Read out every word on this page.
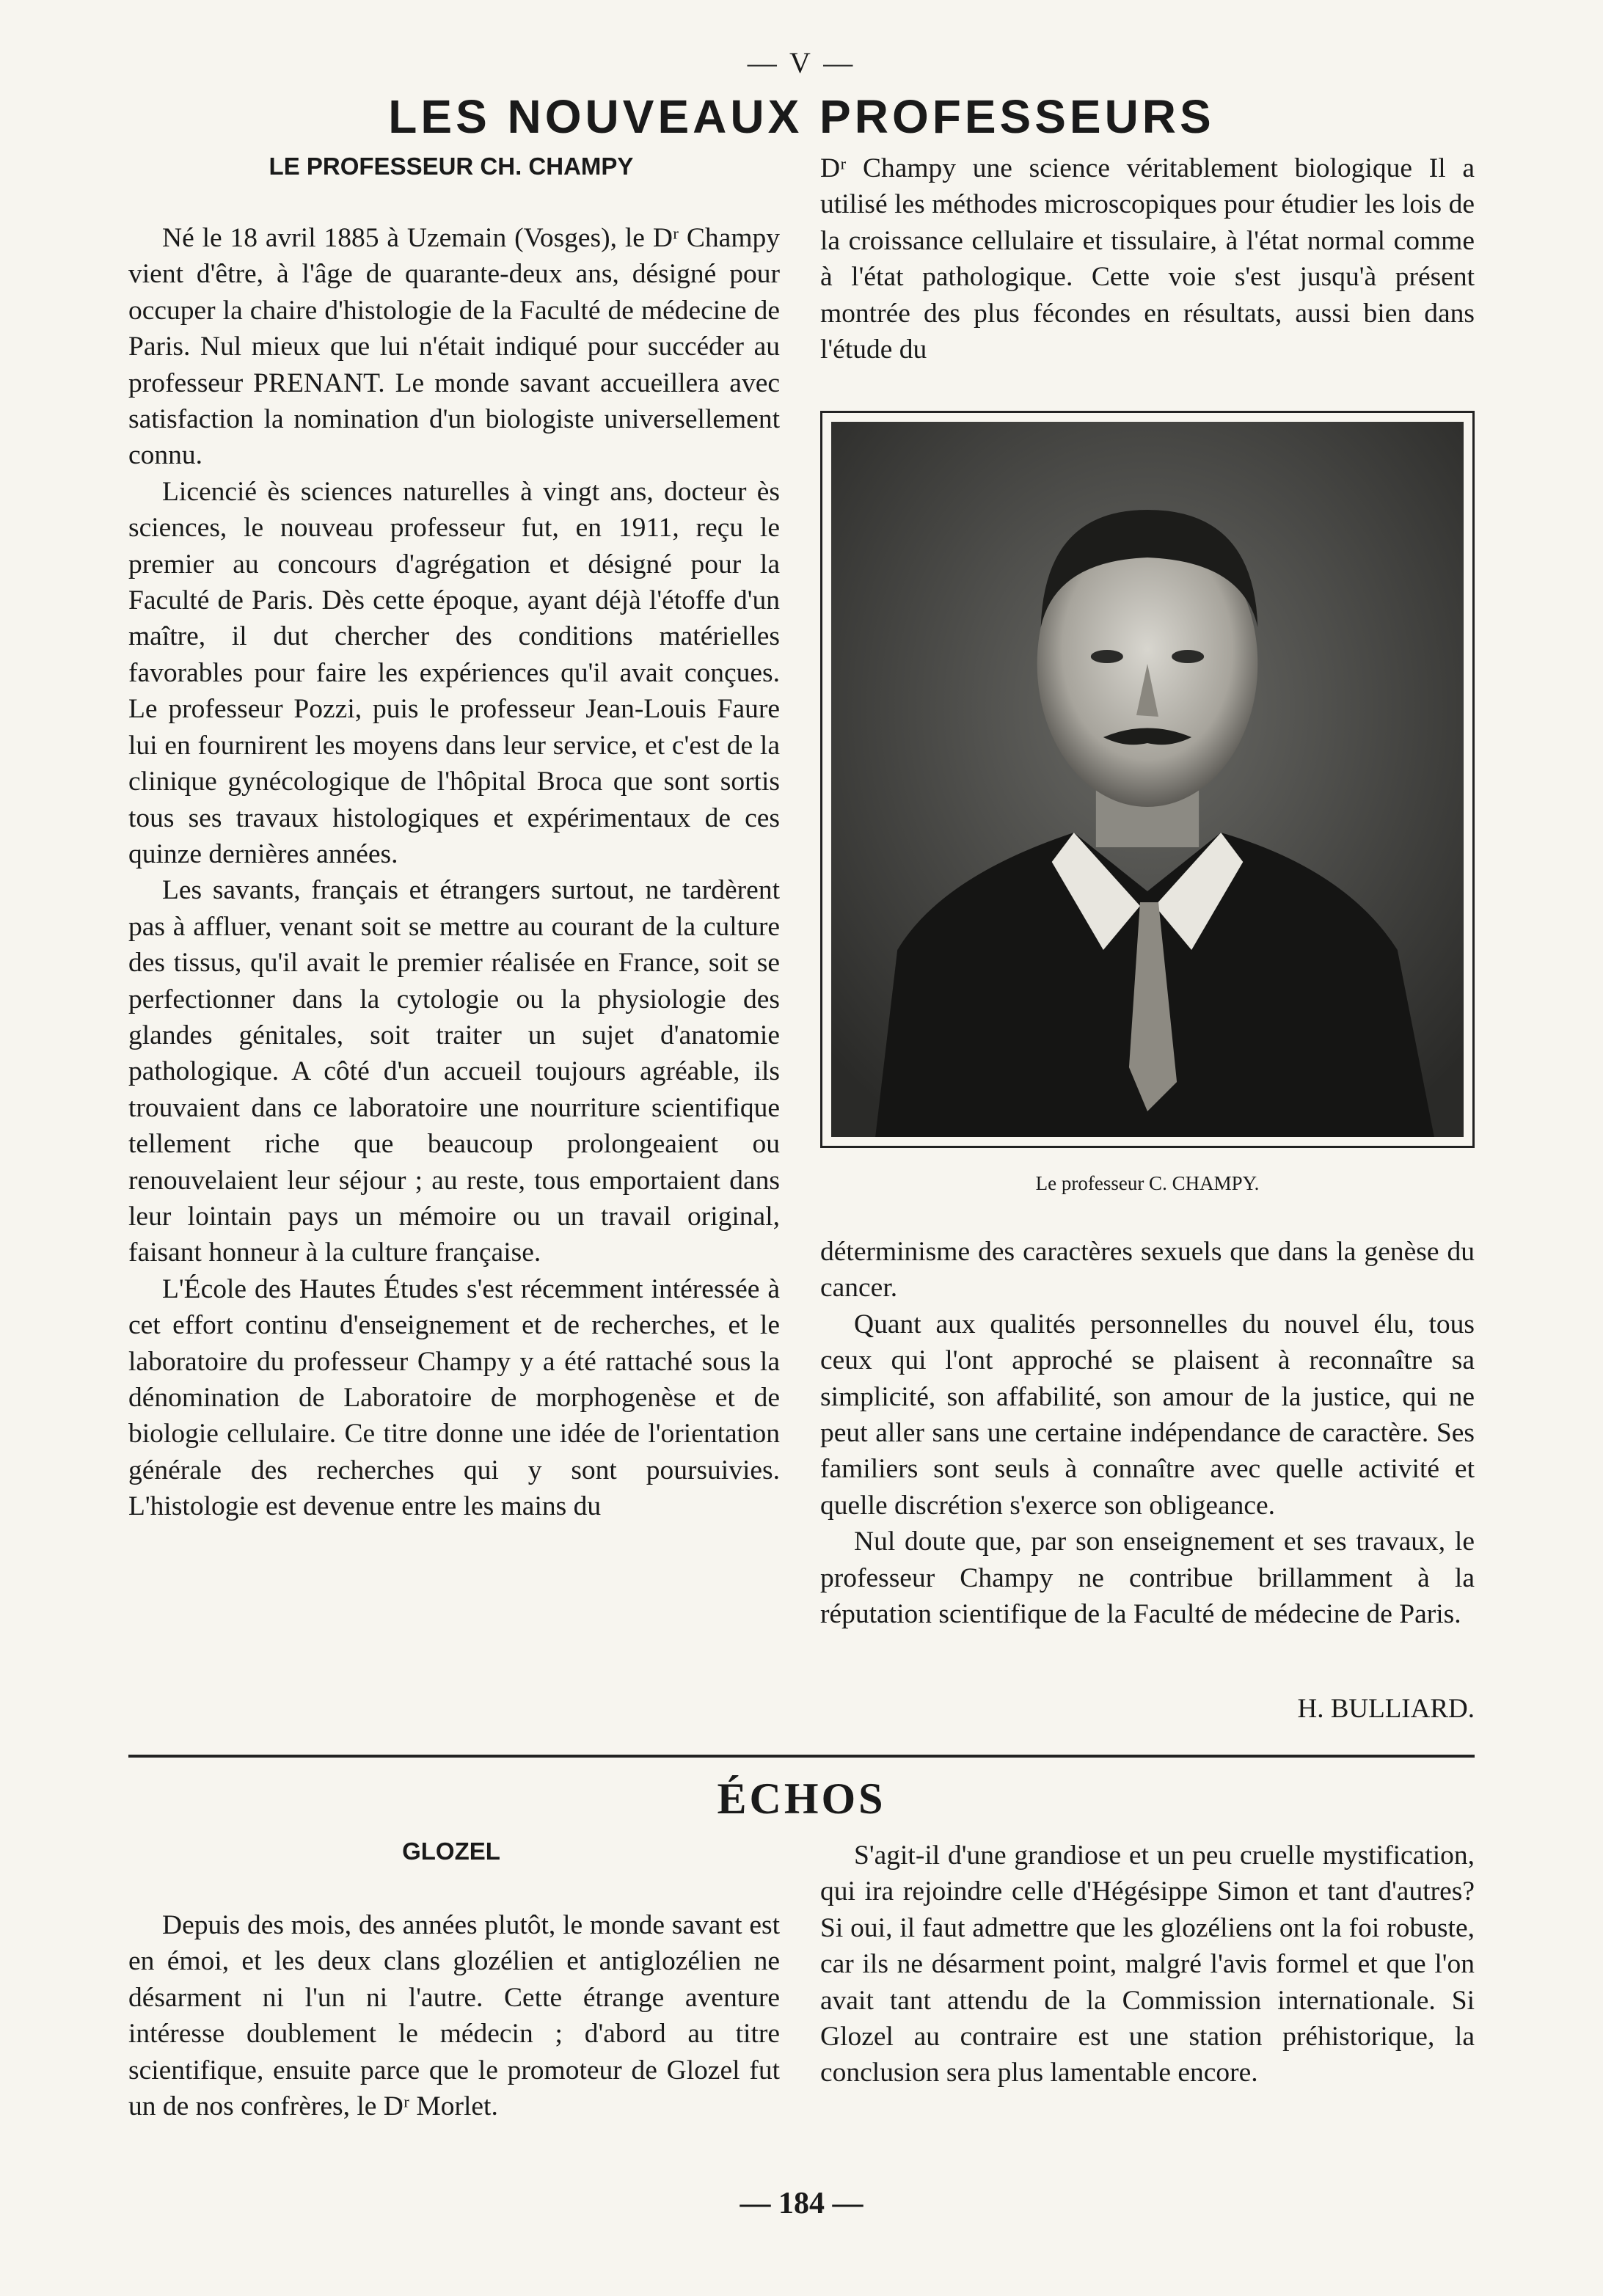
— V —
LES NOUVEAUX PROFESSEURS
LE PROFESSEUR CH. CHAMPY

Né le 18 avril 1885 à Uzemain (Vosges), le Dʳ Champy vient d'être, à l'âge de quarante-deux ans, désigné pour occuper la chaire d'histologie de la Faculté de médecine de Paris. Nul mieux que lui n'était indiqué pour succéder au professeur PRENANT. Le monde savant accueillera avec satisfaction la nomination d'un biologiste universellement connu.

Licencié ès sciences naturelles à vingt ans, docteur ès sciences, le nouveau professeur fut, en 1911, reçu le premier au concours d'agrégation et désigné pour la Faculté de Paris. Dès cette époque, ayant déjà l'étoffe d'un maître, il dut chercher des conditions matérielles favorables pour faire les expériences qu'il avait conçues. Le professeur Pozzi, puis le professeur Jean-Louis Faure lui en fournirent les moyens dans leur service, et c'est de la clinique gynécologique de l'hôpital Broca que sont sortis tous ses travaux histologiques et expérimentaux de ces quinze dernières années.

Les savants, français et étrangers surtout, ne tardèrent pas à affluer, venant soit se mettre au courant de la culture des tissus, qu'il avait le premier réalisée en France, soit se perfectionner dans la cytologie ou la physiologie des glandes génitales, soit traiter un sujet d'anatomie pathologique. A côté d'un accueil toujours agréable, ils trouvaient dans ce laboratoire une nourriture scientifique tellement riche que beaucoup prolongeaient ou renouvelaient leur séjour ; au reste, tous emportaient dans leur lointain pays un mémoire ou un travail original, faisant honneur à la culture française.

L'École des Hautes Études s'est récemment intéressée à cet effort continu d'enseignement et de recherches, et le laboratoire du professeur Champy y a été rattaché sous la dénomination de Laboratoire de morphogenèse et de biologie cellulaire. Ce titre donne une idée de l'orientation générale des recherches qui y sont poursuivies. L'histologie est devenue entre les mains du

Dʳ Champy une science véritablement biologique Il a utilisé les méthodes microscopiques pour étudier les lois de la croissance cellulaire et tissulaire, à l'état normal comme à l'état pathologique. Cette voie s'est jusqu'à présent montrée des plus fécondes en résultats, aussi bien dans l'étude du

Le professeur C. CHAMPY.

déterminisme des caractères sexuels que dans la genèse du cancer.

Quant aux qualités personnelles du nouvel élu, tous ceux qui l'ont approché se plaisent à reconnaître sa simplicité, son affabilité, son amour de la justice, qui ne peut aller sans une certaine indépendance de caractère. Ses familiers sont seuls à connaître avec quelle activité et quelle discrétion s'exerce son obligeance.

Nul doute que, par son enseignement et ses travaux, le professeur Champy ne contribue brillamment à la réputation scientifique de la Faculté de médecine de Paris.

H. BULLIARD.
ÉCHOS
GLOZEL

Depuis des mois, des années plutôt, le monde savant est en émoi, et les deux clans glozélien et antiglozélien ne désarment ni l'un ni l'autre. Cette étrange aventure intéresse doublement le médecin ; d'abord au titre scientifique, ensuite parce que le promoteur de Glozel fut un de nos confrères, le Dʳ Morlet.

S'agit-il d'une grandiose et un peu cruelle mystification, qui ira rejoindre celle d'Hégésippe Simon et tant d'autres? Si oui, il faut admettre que les glozéliens ont la foi robuste, car ils ne désarment point, malgré l'avis formel et que l'on avait tant attendu de la Commission internationale. Si Glozel au contraire est une station préhistorique, la conclusion sera plus lamentable encore.

— 184 —
